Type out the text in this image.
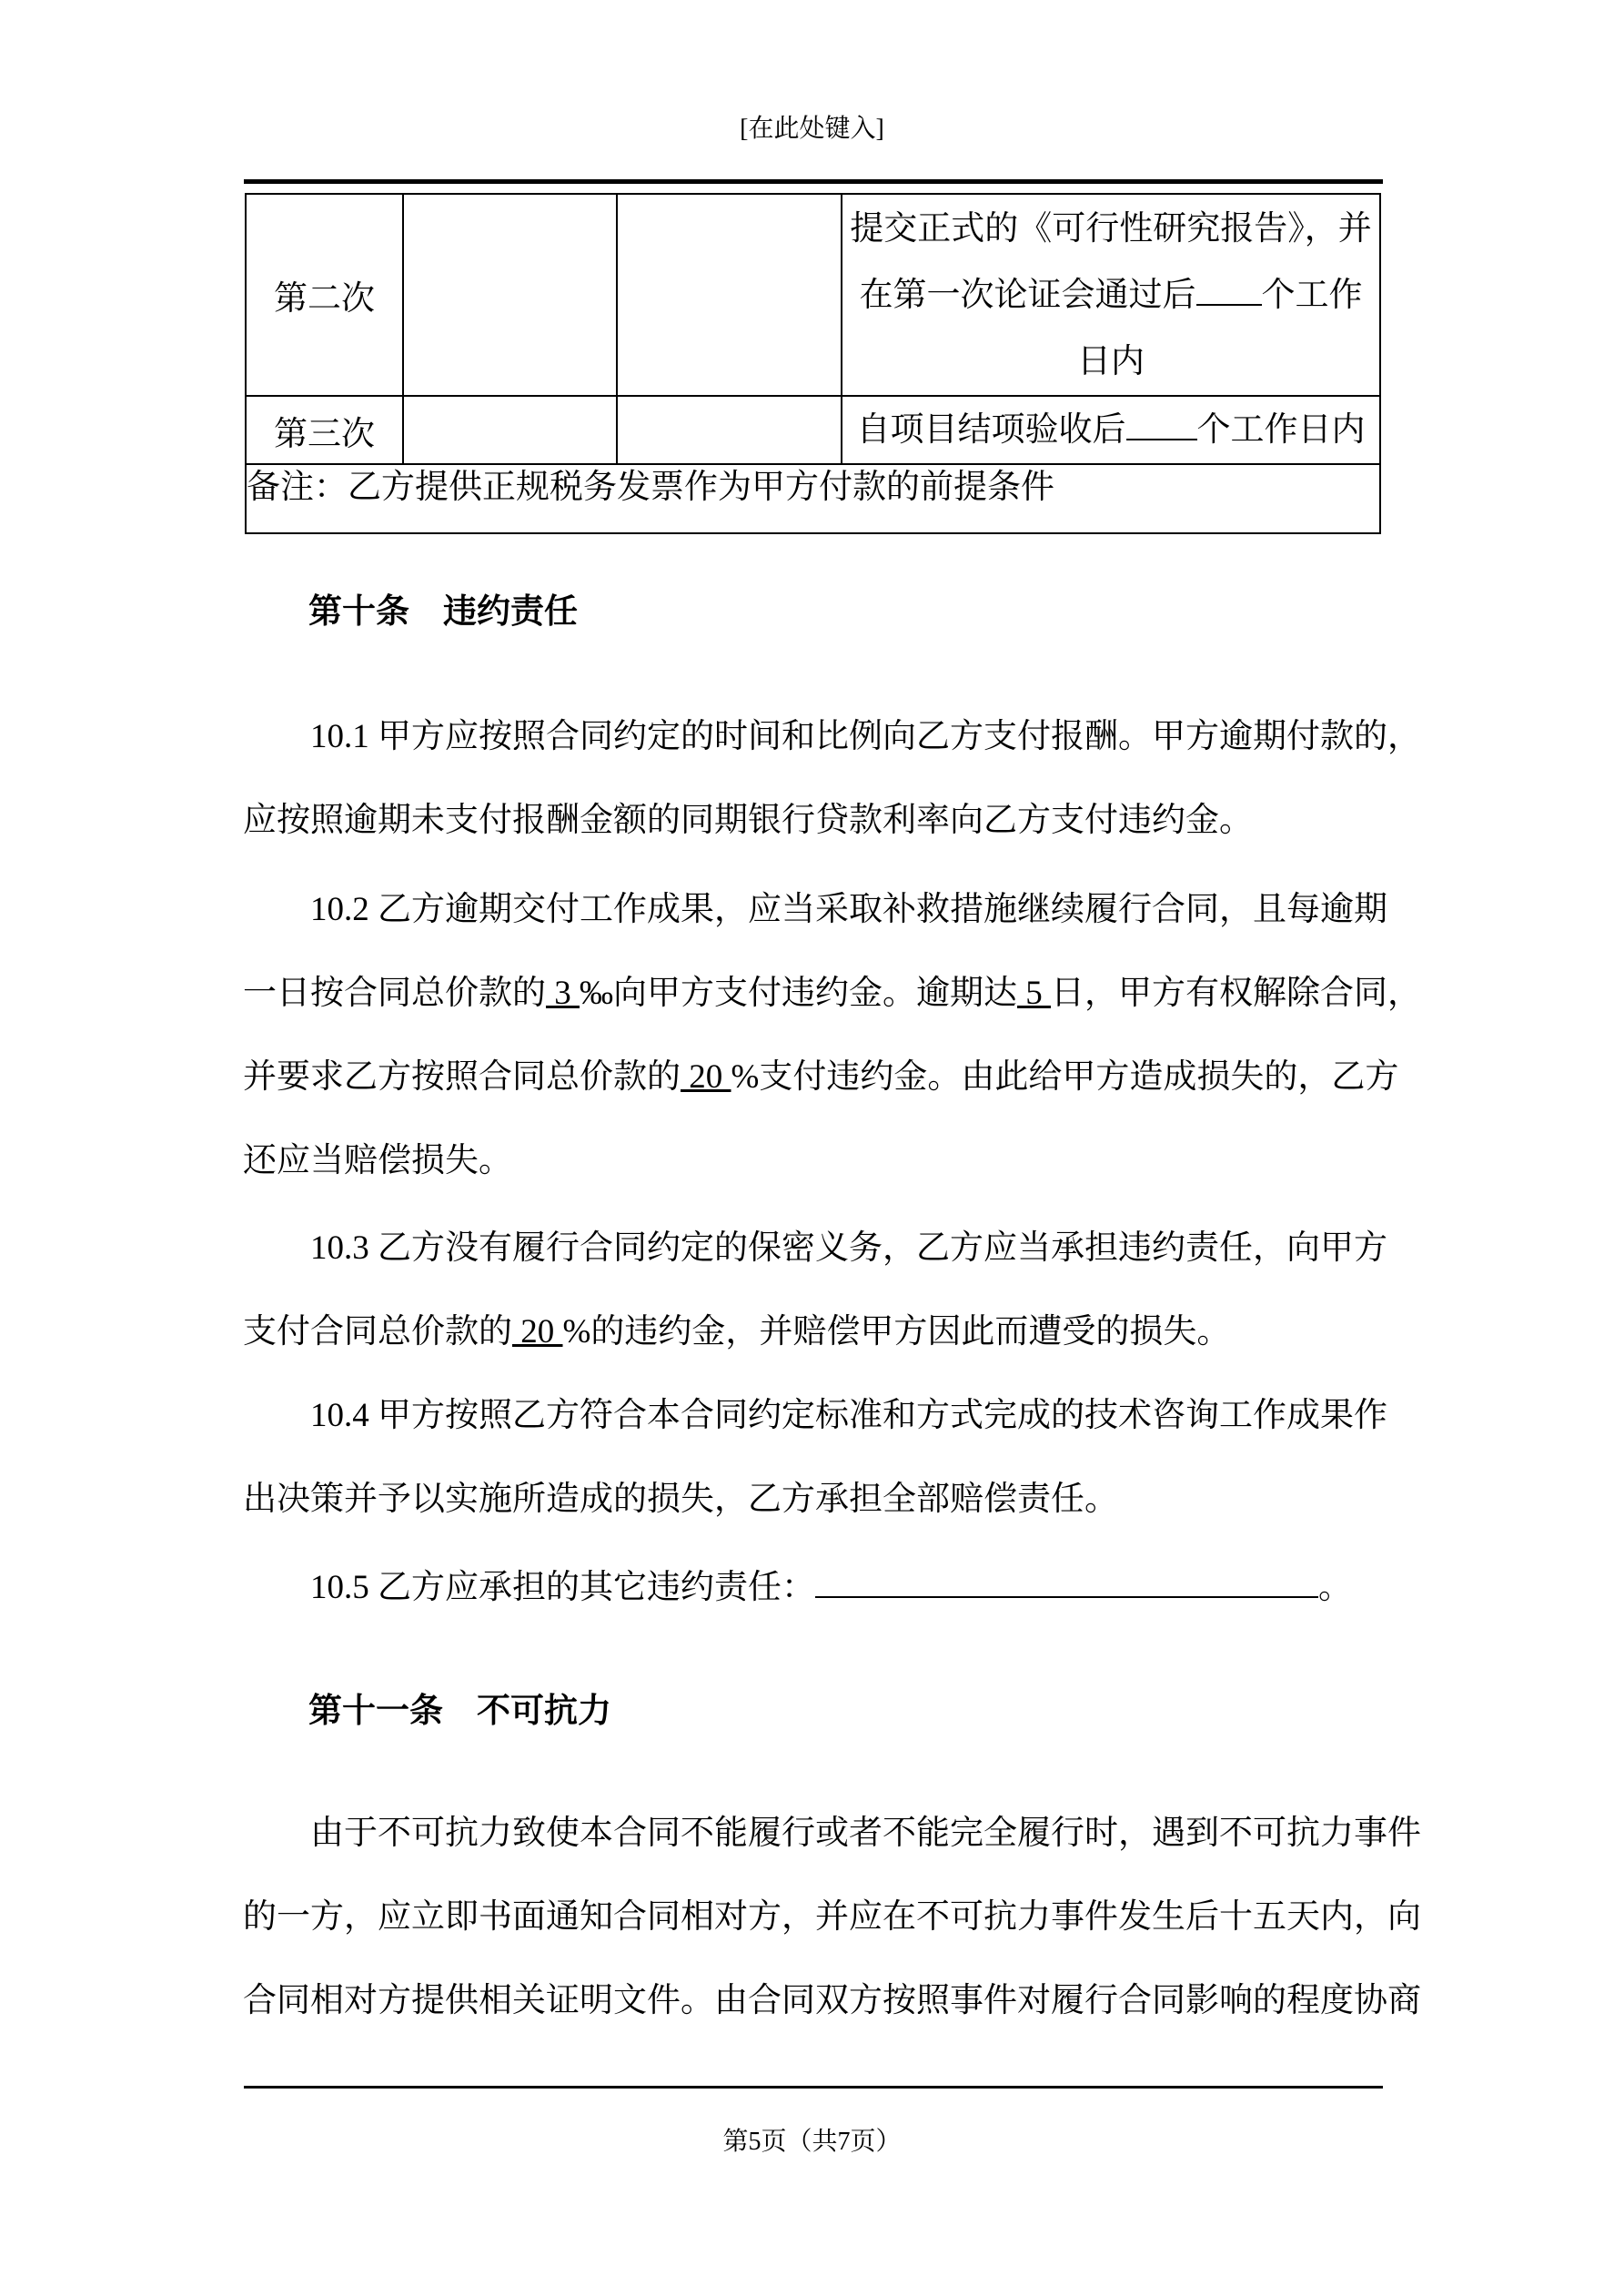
[在此处键入]
第二次			提交正式的《可行性研究报告》，并
在第一次论证会通过后 个工作
日内

第三次			自项目结项验收后 个工作日内
备注：乙方提供正规税务发票作为甲方付款的前提条件			
第十条　违约责任
10.1 甲方应按照合同约定的时间和比例向乙方支付报酬。甲方逾期付款的，
应按照逾期未支付报酬金额的同期银行贷款利率向乙方支付违约金。
10.2 乙方逾期交付工作成果，应当采取补救措施继续履行合同，且每逾期
一日按合同总价款的 3 ‰向甲方支付违约金。逾期达 5 日，甲方有权解除合同，
并要求乙方按照合同总价款的 20 %支付违约金。由此给甲方造成损失的，乙方
还应当赔偿损失。
10.3 乙方没有履行合同约定的保密义务，乙方应当承担违约责任，向甲方
支付合同总价款的 20 %的违约金，并赔偿甲方因此而遭受的损失。
10.4 甲方按照乙方符合本合同约定标准和方式完成的技术咨询工作成果作
出决策并予以实施所造成的损失，乙方承担全部赔偿责任。
10.5 乙方应承担的其它违约责任：	。
第十一条　不可抗力
由于不可抗力致使本合同不能履行或者不能完全履行时，遇到不可抗力事件
的一方，应立即书面通知合同相对方，并应在不可抗力事件发生后十五天内，向
合同相对方提供相关证明文件。由合同双方按照事件对履行合同影响的程度协商
第5页（共7页）
